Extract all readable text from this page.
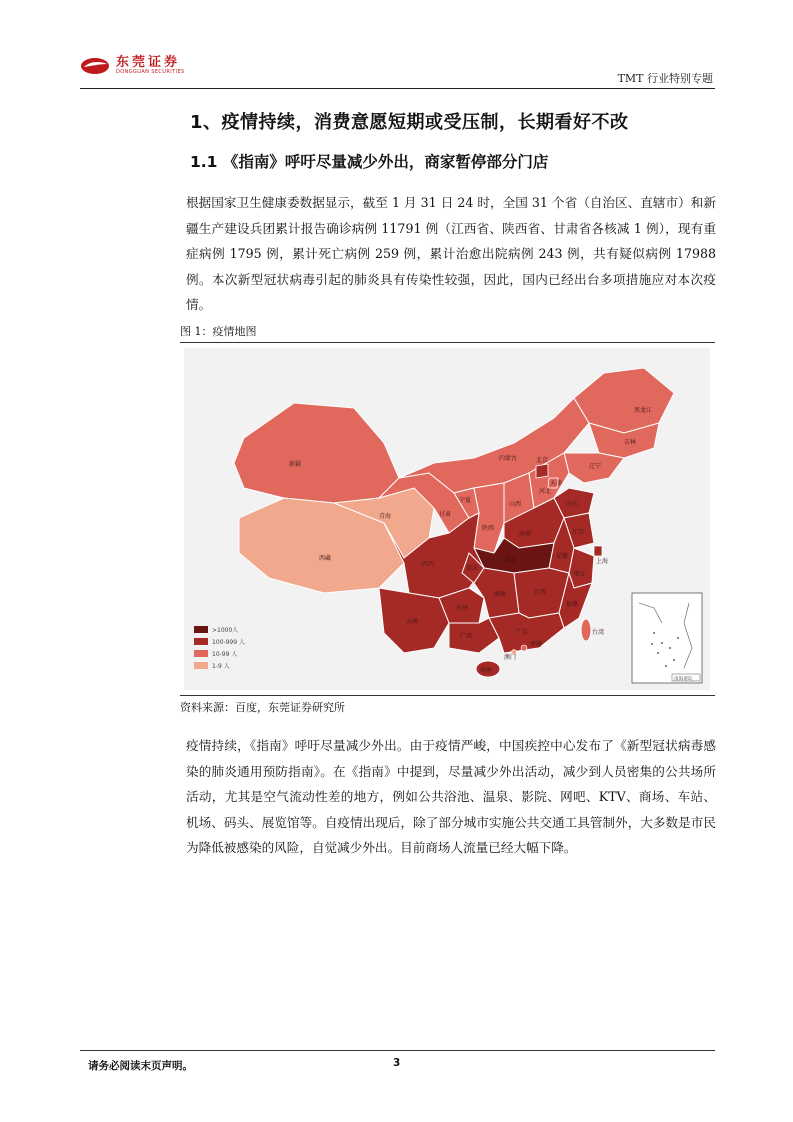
东莞证券
DONGGUAN SECURITIES	TMT 行业特别专题
1、疫情持续，消费意愿短期或受压制，长期看好不改
1.1 《指南》呼吁尽量减少外出，商家暂停部分门店
根据国家卫生健康委数据显示，截至 1 月 31 日 24 时，全国 31 个省（自治区、直辖市）和新疆生产建设兵团累计报告确诊病例 11791 例（江西省、陕西省、甘肃省各核减 1 例），现有重症病例 1795 例，累计死亡病例 259 例，累计治愈出院病例 243 例，共有疑似病例 17988 例。本次新型冠状病毒引起的肺炎具有传染性较强，因此，国内已经出台多项措施应对本次疫情。
图 1：疫情地图
黑龙江
吉林
辽宁
内蒙古
新疆
西藏
青海	甘肃
宁夏
陕西
山西
河北
北京
天津
山东
河南	江苏
安徽
上海
湖北
四川
重庆
浙江
贵州
湖南	江西
福建
云南
广西
广东	台湾
香港
澳门
海南
>1000人
100-999 人
10-99 人
1-9 人
南海诸岛
资料来源：百度，东莞证券研究所
疫情持续，《指南》呼吁尽量减少外出。由于疫情严峻，中国疾控中心发布了《新型冠状病毒感染的肺炎通用预防指南》。在《指南》中提到，尽量减少外出活动，减少到人员密集的公共场所活动，尤其是空气流动性差的地方，例如公共浴池、温泉、影院、网吧、KTV、商场、车站、机场、码头、展览馆等。自疫情出现后，除了部分城市实施公共交通工具管制外，大多数是市民为降低被感染的风险，自觉减少外出。目前商场人流量已经大幅下降。
请务必阅读末页声明。	3
